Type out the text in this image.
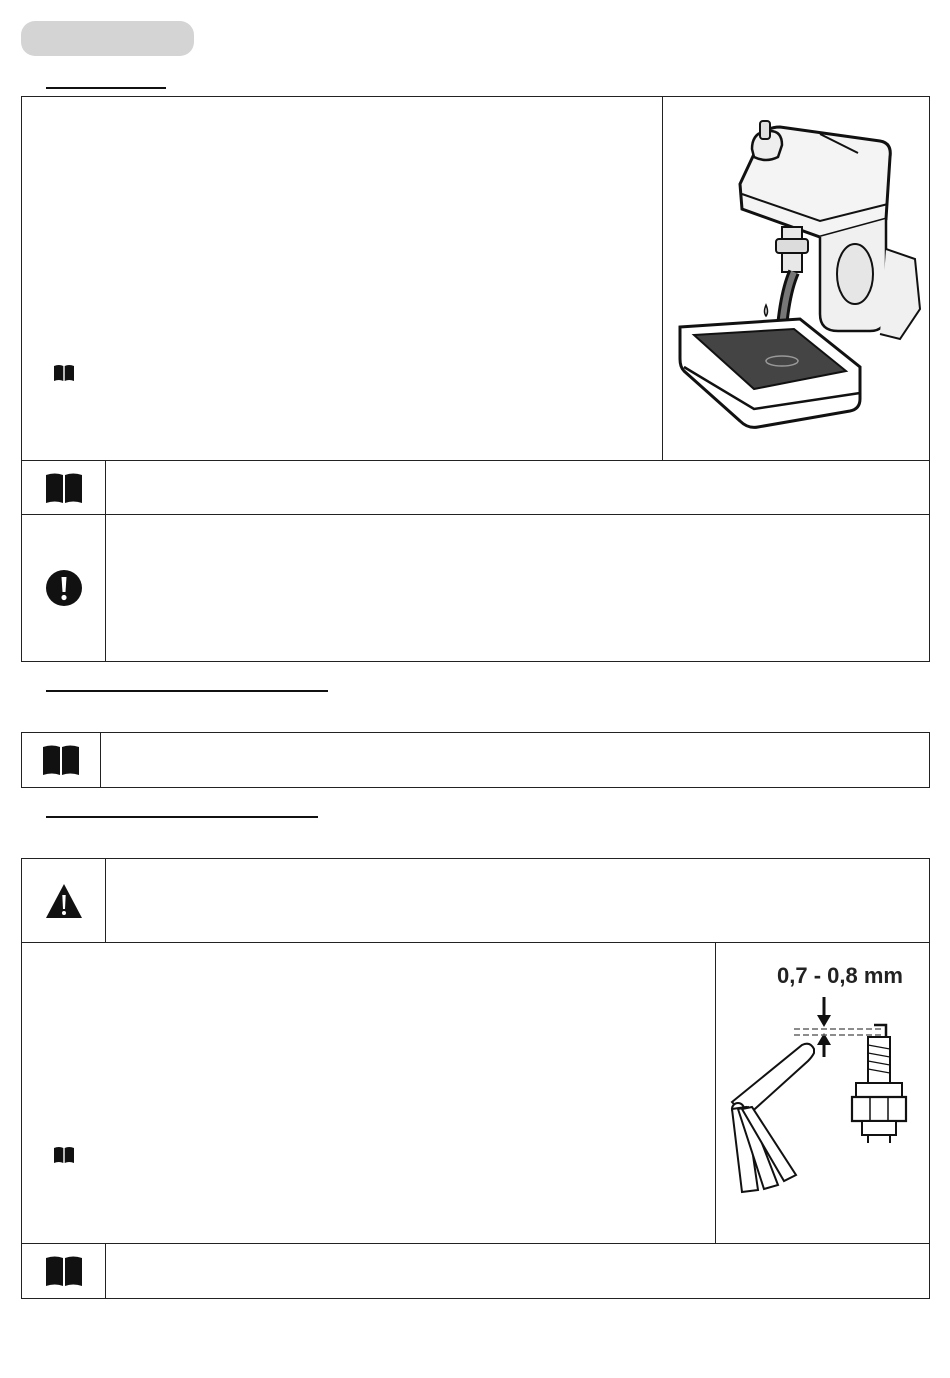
0,7 - 0,8 mm
